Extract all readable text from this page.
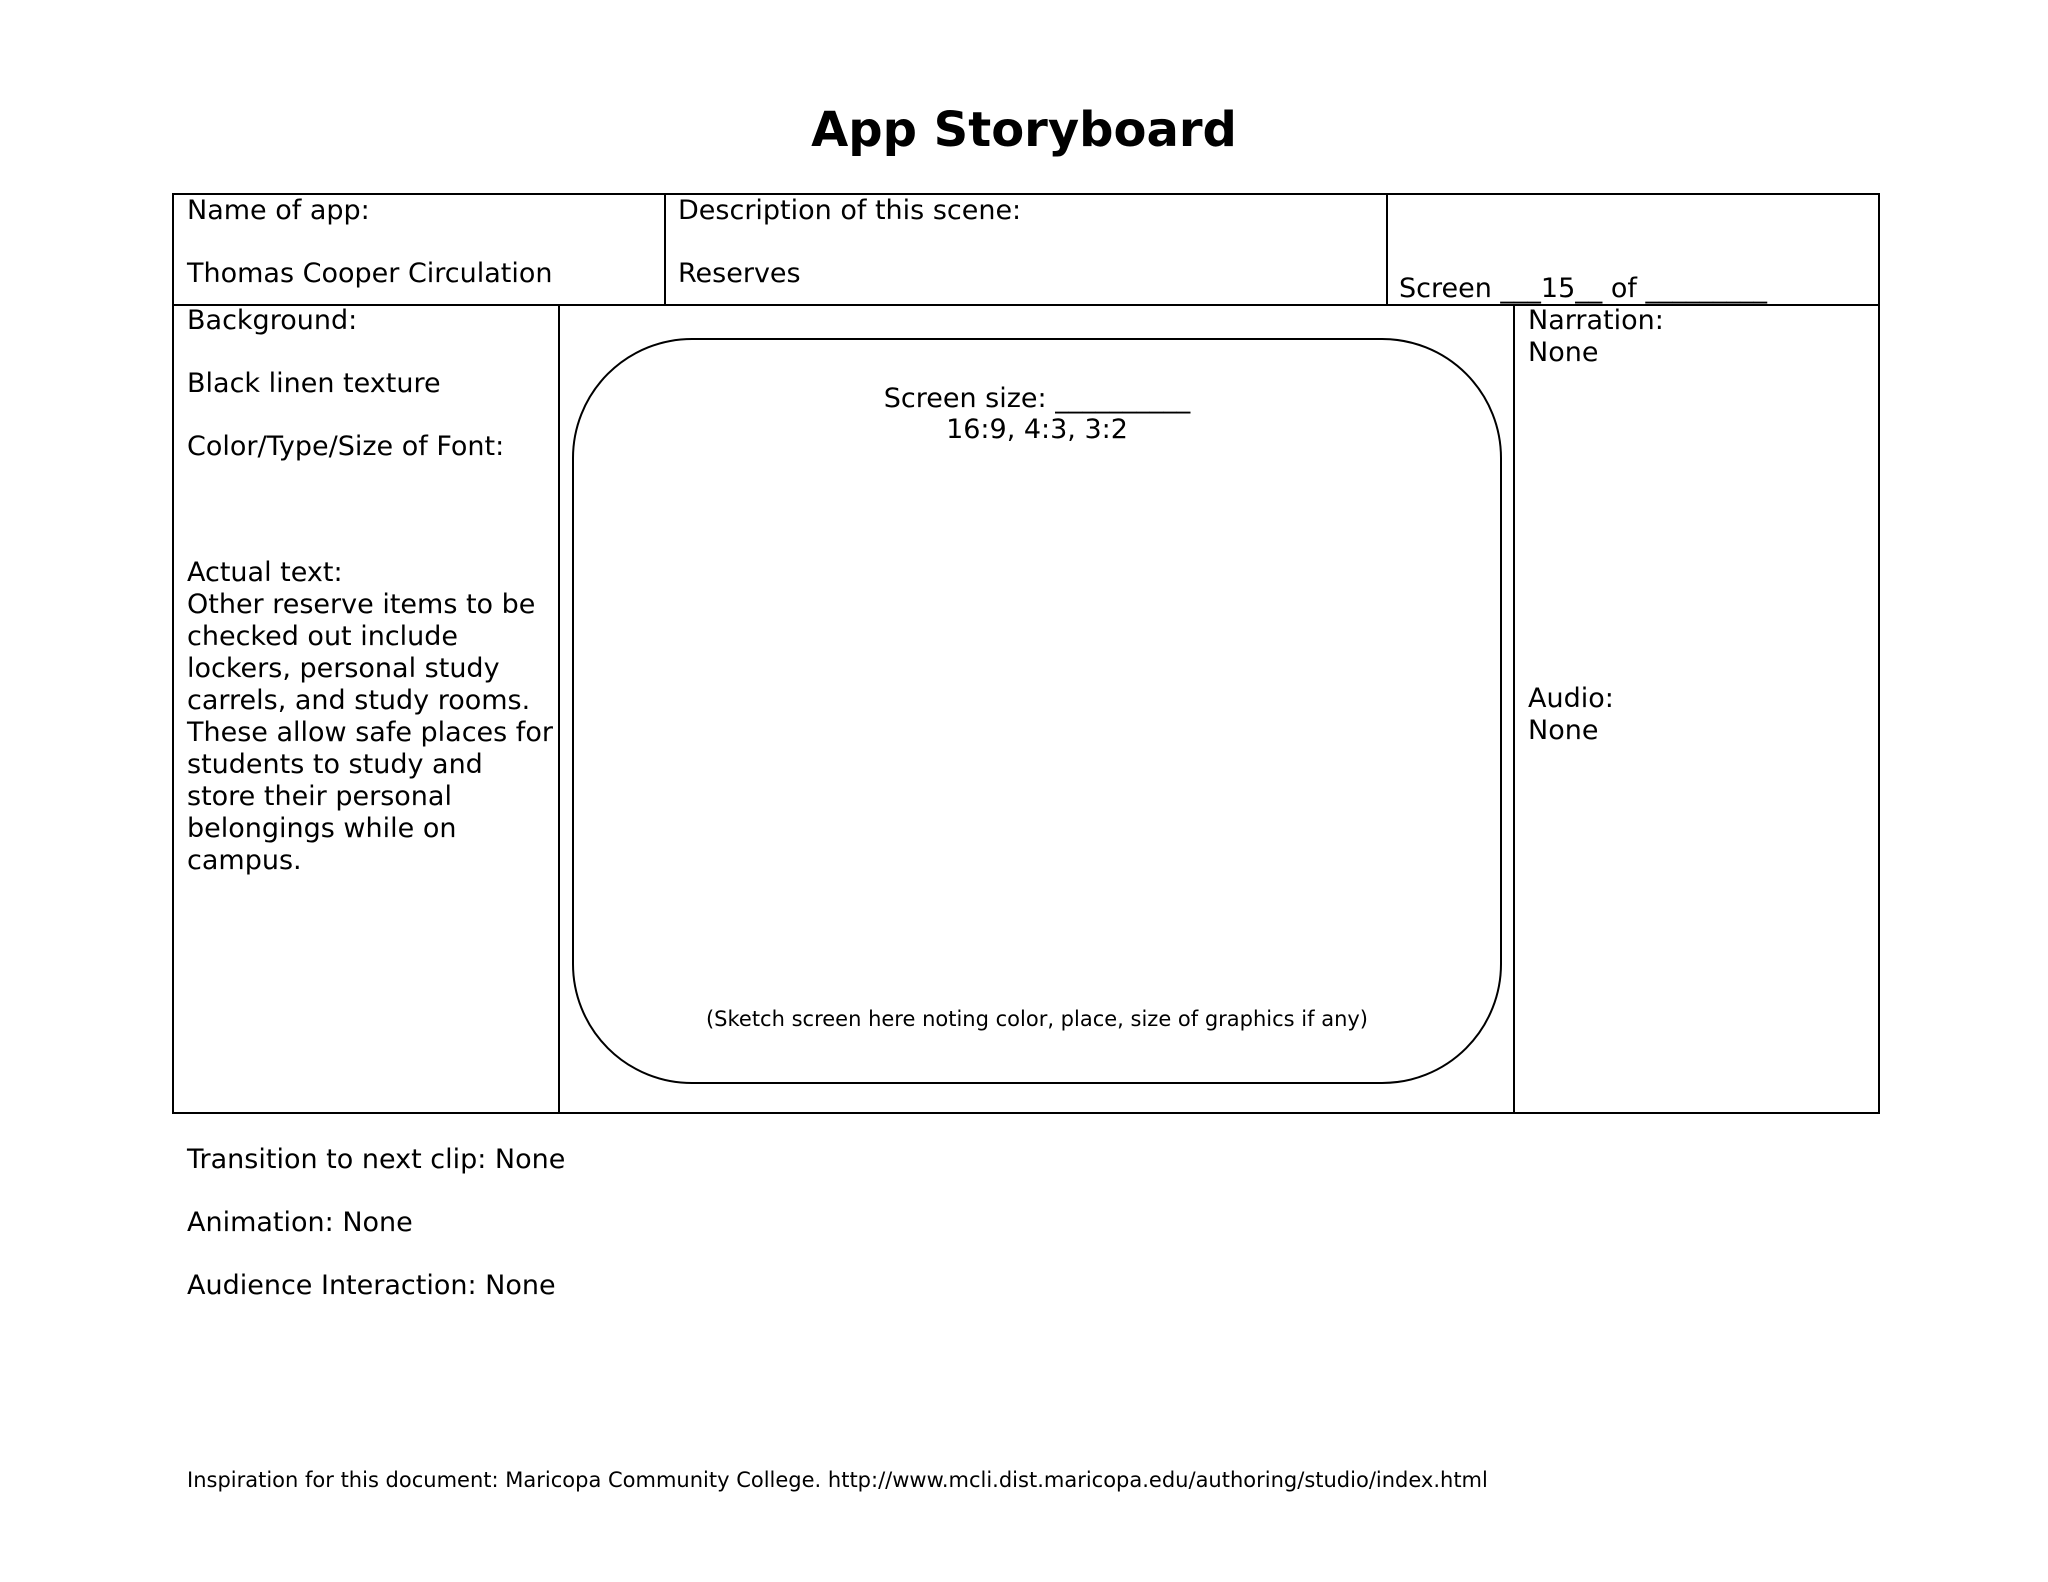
App Storyboard
Name of app:
Thomas Cooper Circulation
Description of this scene:
Reserves	Screen ___15__ of _________
Background:
Black linen texture
Color/Type/Size of Font:
Actual text:
Other reserve items to be
checked out include
lockers, personal study
carrels, and study rooms.
These allow safe places for
students to study and
store their personal
belongings while on
campus.
Screen size: __________
16:9, 4:3, 3:2
(Sketch screen here noting color, place, size of graphics if any)
Narration:
None
Audio:
None
Transition to next clip: None
Animation: None
Audience Interaction: None
Inspiration for this document: Maricopa Community College. http://www.mcli.dist.maricopa.edu/authoring/studio/index.html
